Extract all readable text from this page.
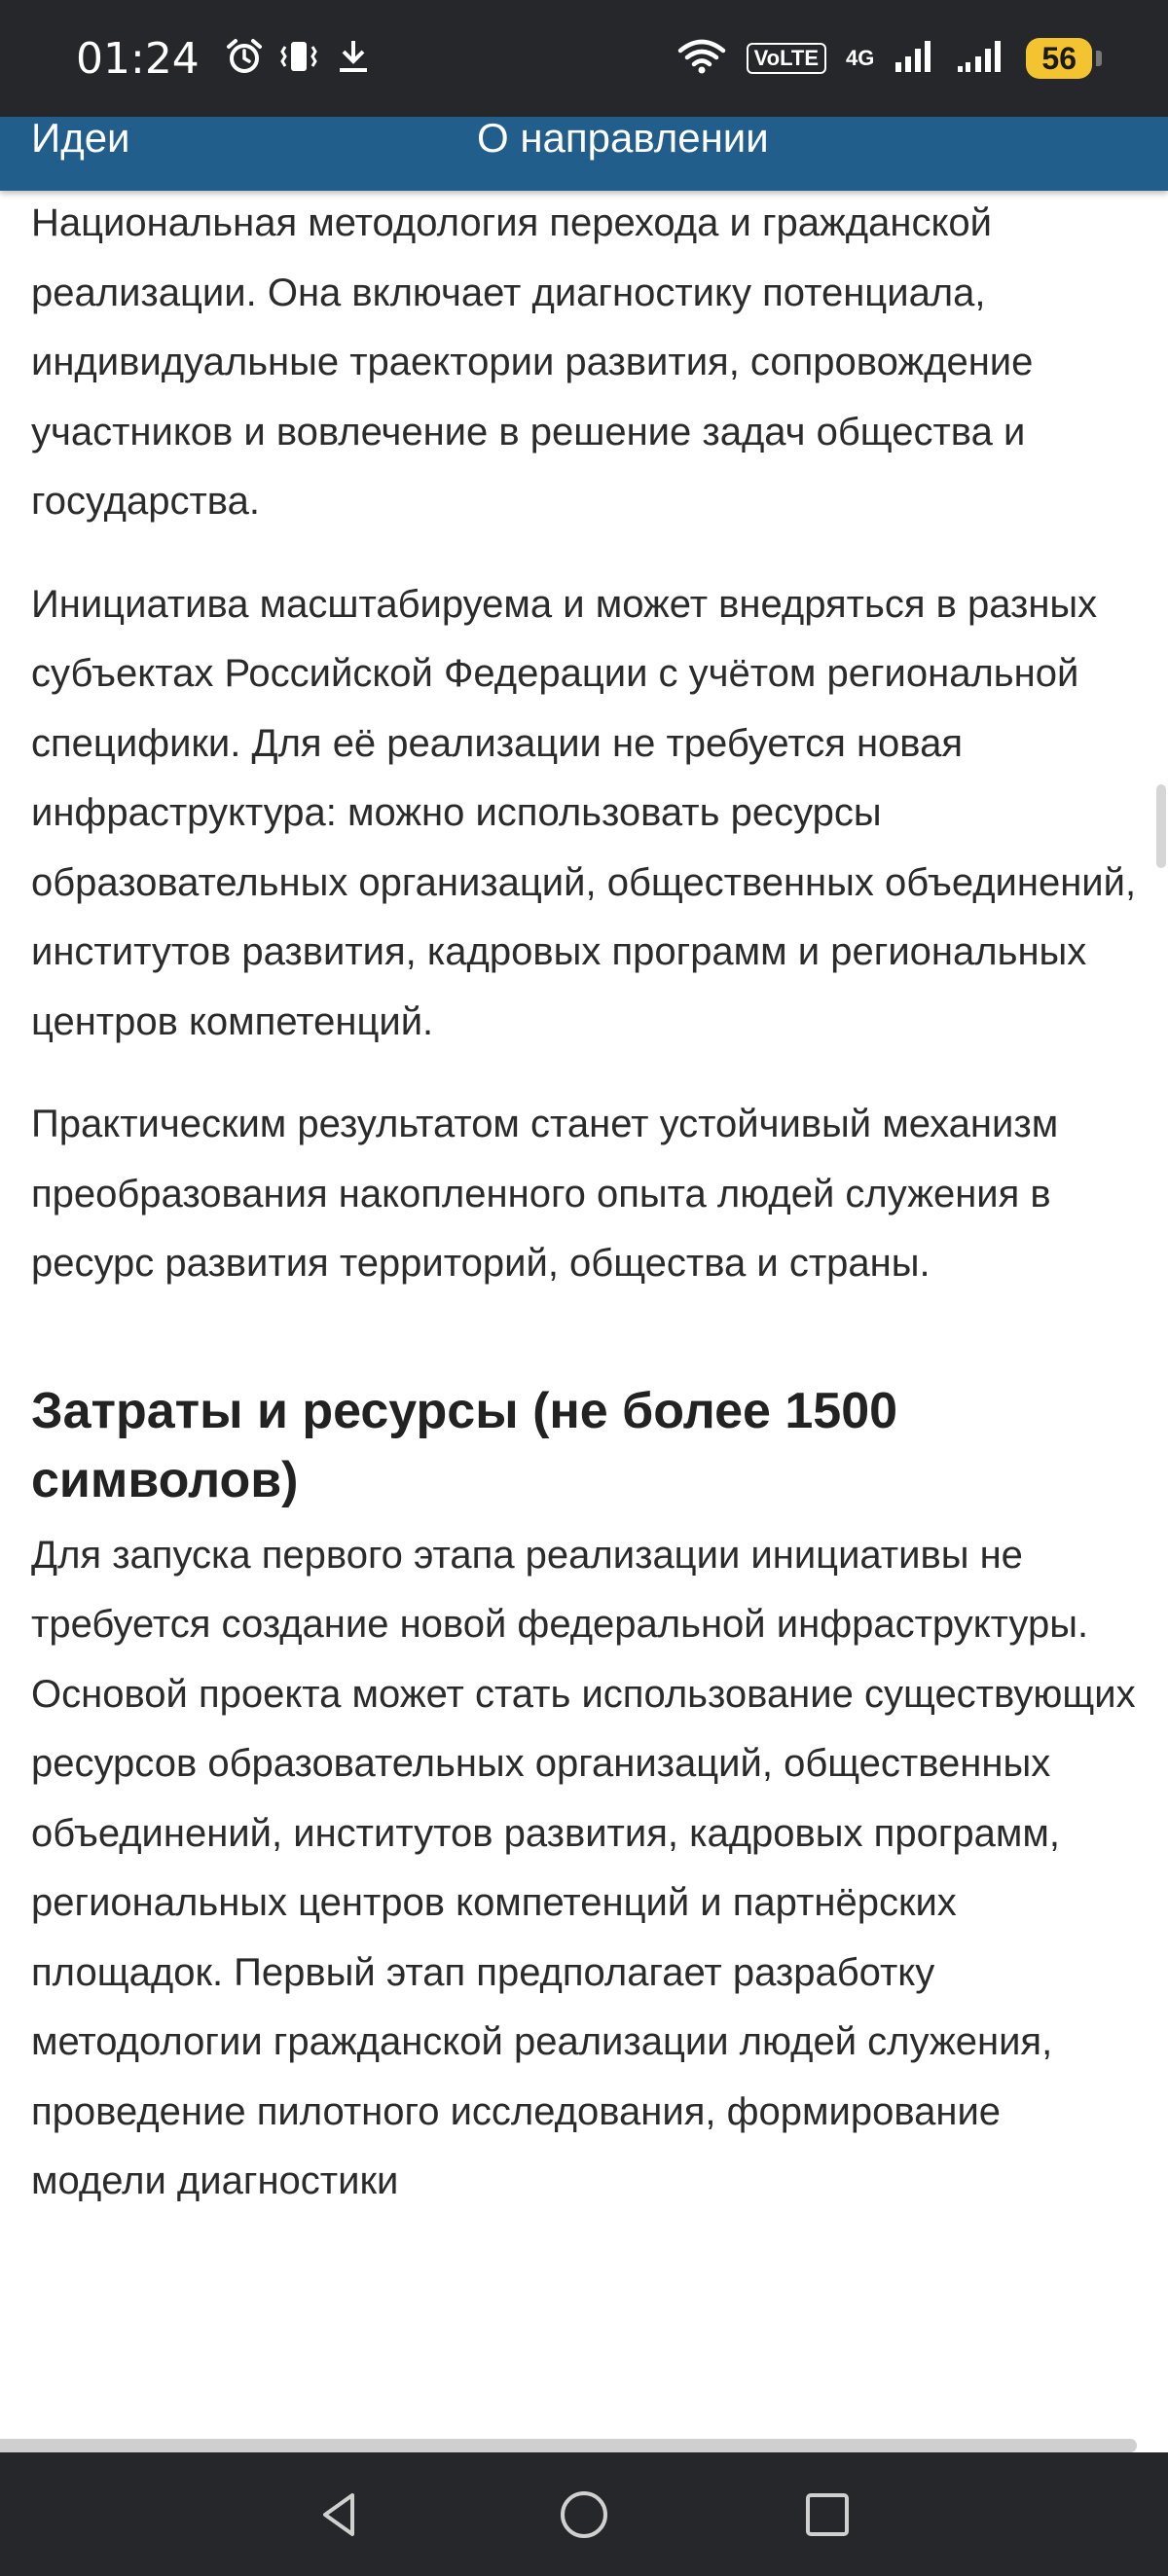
01:24	VoLTE	4G	56
Идеи	О направлении

Национальная методология перехода и гражданской реализации. Она включает диагностику потенциала, индивидуальные траектории развития, сопровождение участников и вовлечение в решение задач общества и государства.

Инициатива масштабируема и может внедряться в разных субъектах Российской Федерации с учётом региональной специфики. Для её реализации не требуется новая инфраструктура: можно использовать ресурсы образовательных организаций, общественных объединений, институтов развития, кадровых программ и региональных центров компетенций.

Практическим результатом станет устойчивый механизм преобразования накопленного опыта людей служения в ресурс развития территорий, общества и страны.

Затраты и ресурсы (не более 1500 символов)

Для запуска первого этапа реализации инициативы не требуется создание новой федеральной инфраструктуры. Основой проекта может стать использование существующих ресурсов образовательных организаций, общественных объединений, институтов развития, кадровых программ, региональных центров компетенций и партнёрских площадок. Первый этап предполагает разработку методологии гражданской реализации людей служения, проведение пилотного исследования, формирование модели диагностики
